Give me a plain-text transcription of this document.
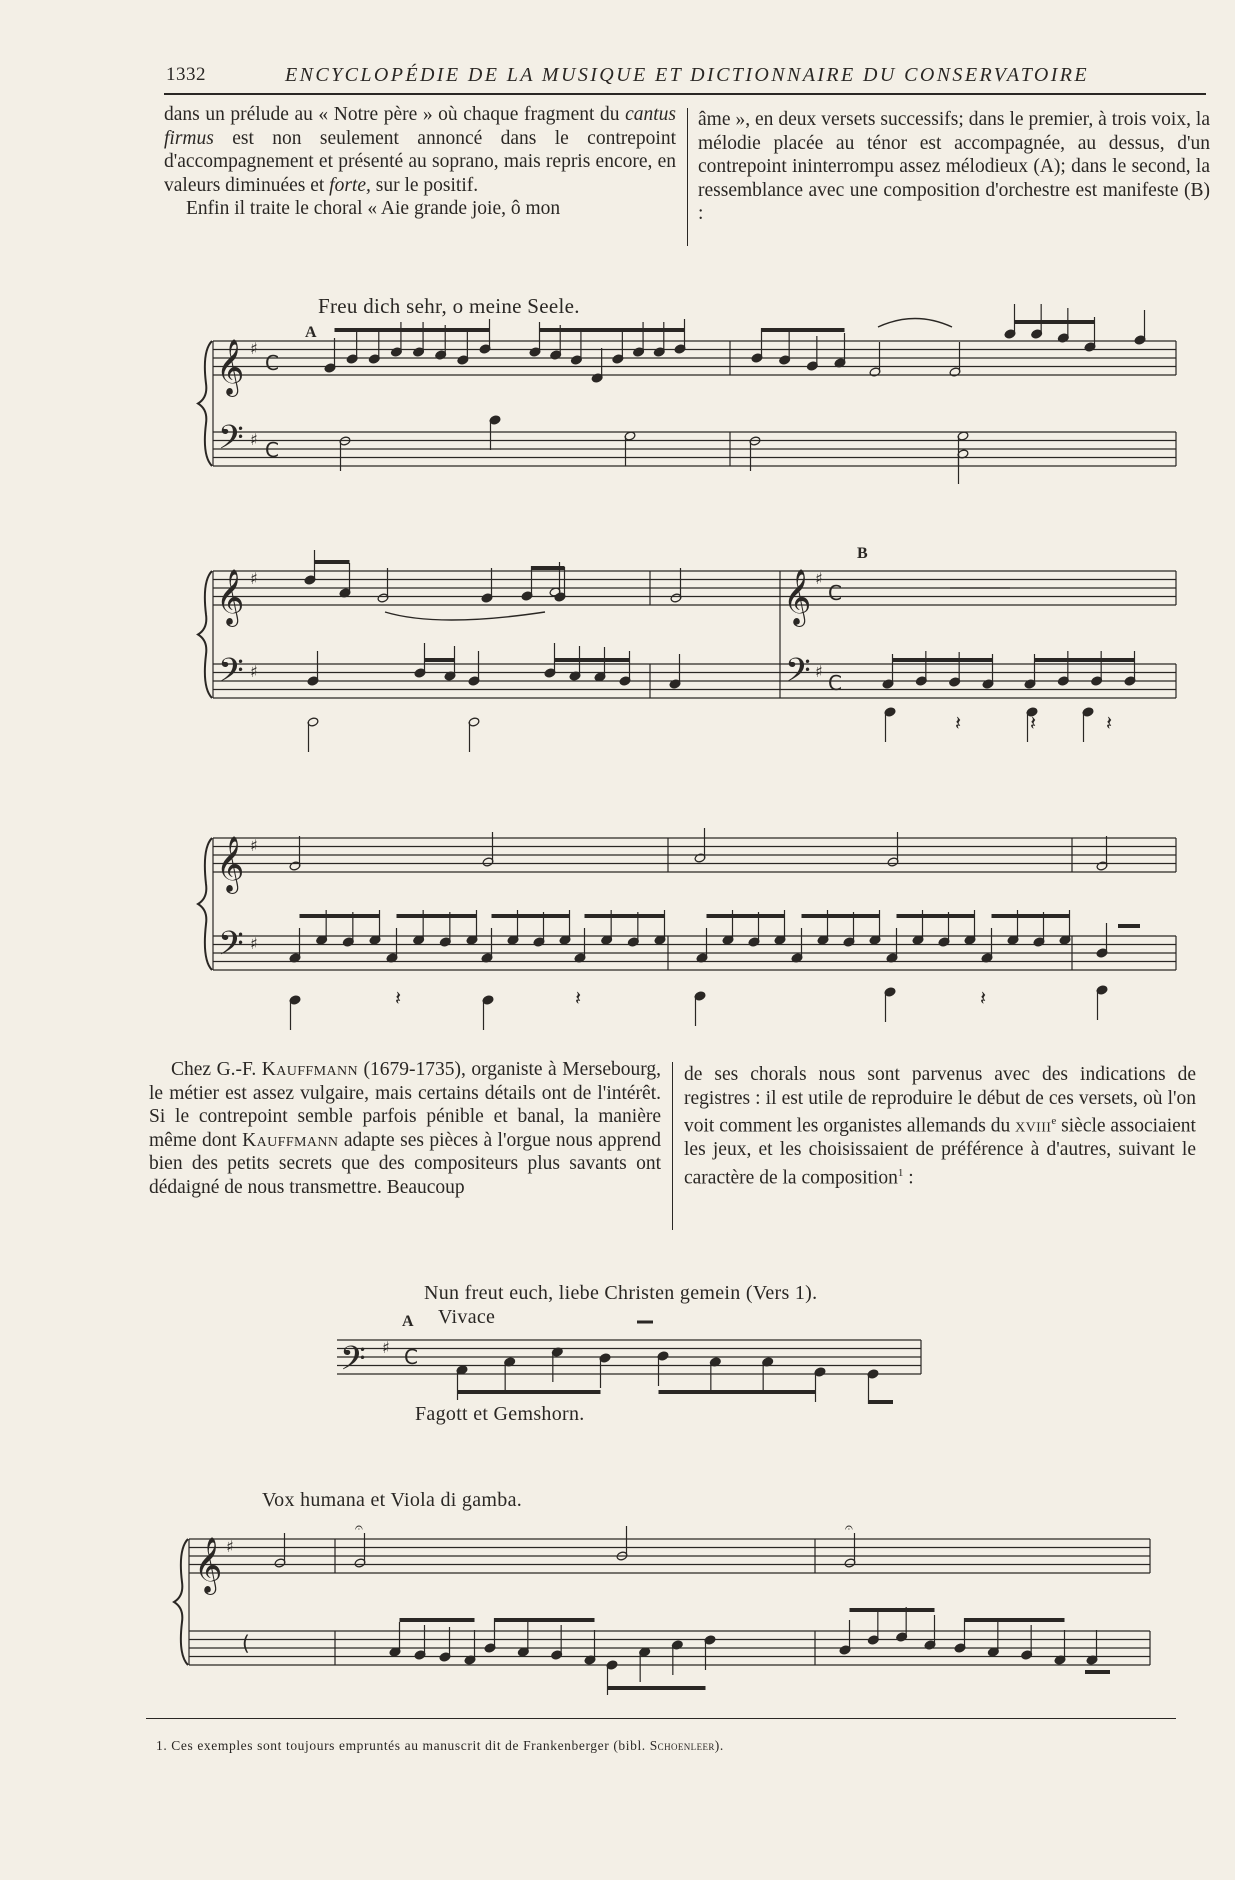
1332	ENCYCLOPÉDIE DE LA MUSIQUE ET DICTIONNAIRE DU CONSERVATOIRE

dans un prélude au « Notre père » où chaque fragment du cantus firmus est non seulement annoncé dans le contrepoint d'accompagnement et présenté au soprano, mais repris encore, en valeurs diminuées et forte, sur le positif.

Enfin il traite le choral « Aie grande joie, ô mon

âme », en deux versets successifs; dans le premier, à trois voix, la mélodie placée au ténor est accompagnée, au dessus, d'un contrepoint ininterrompu assez mélodieux (A); dans le second, la ressemblance avec une composition d'orchestre est manifeste (B) :

Freu dich sehr, o meine Seele.
A
B

Chez G.-F. Kauffmann (1679-1735), organiste à Mersebourg, le métier est assez vulgaire, mais certains détails ont de l'intérêt. Si le contrepoint semble parfois pénible et banal, la manière même dont Kauffmann adapte ses pièces à l'orgue nous apprend bien des petits secrets que des compositeurs plus savants ont dédaigné de nous transmettre. Beaucoup

de ses chorals nous sont parvenus avec des indications de registres : il est utile de reproduire le début de ces versets, où l'on voit comment les organistes allemands du xviii$^e$ siècle associaient les jeux, et les choisissaient de préférence à d'autres, suivant le caractère de la composition$^1$ :

Nun freut euch, liebe Christen gemein (Vers 1).
A Vivace
Fagott et Gemshorn.
Vox humana et Viola di gamba.
1. Ces exemples sont toujours empruntés au manuscrit dit de Frankenberger (bibl. Schoenleer).
𝄞
𝄢
♯
♯
C
C
𝄞
𝄢
♯
♯
𝄞
𝄢
♯
♯
C
C
𝄽	𝄽	𝄽
𝄞
𝄢
♯
♯
𝄽	𝄽	𝄽
𝄢 ♯ C
𝄞 ♯
(
𝄐	𝄐
